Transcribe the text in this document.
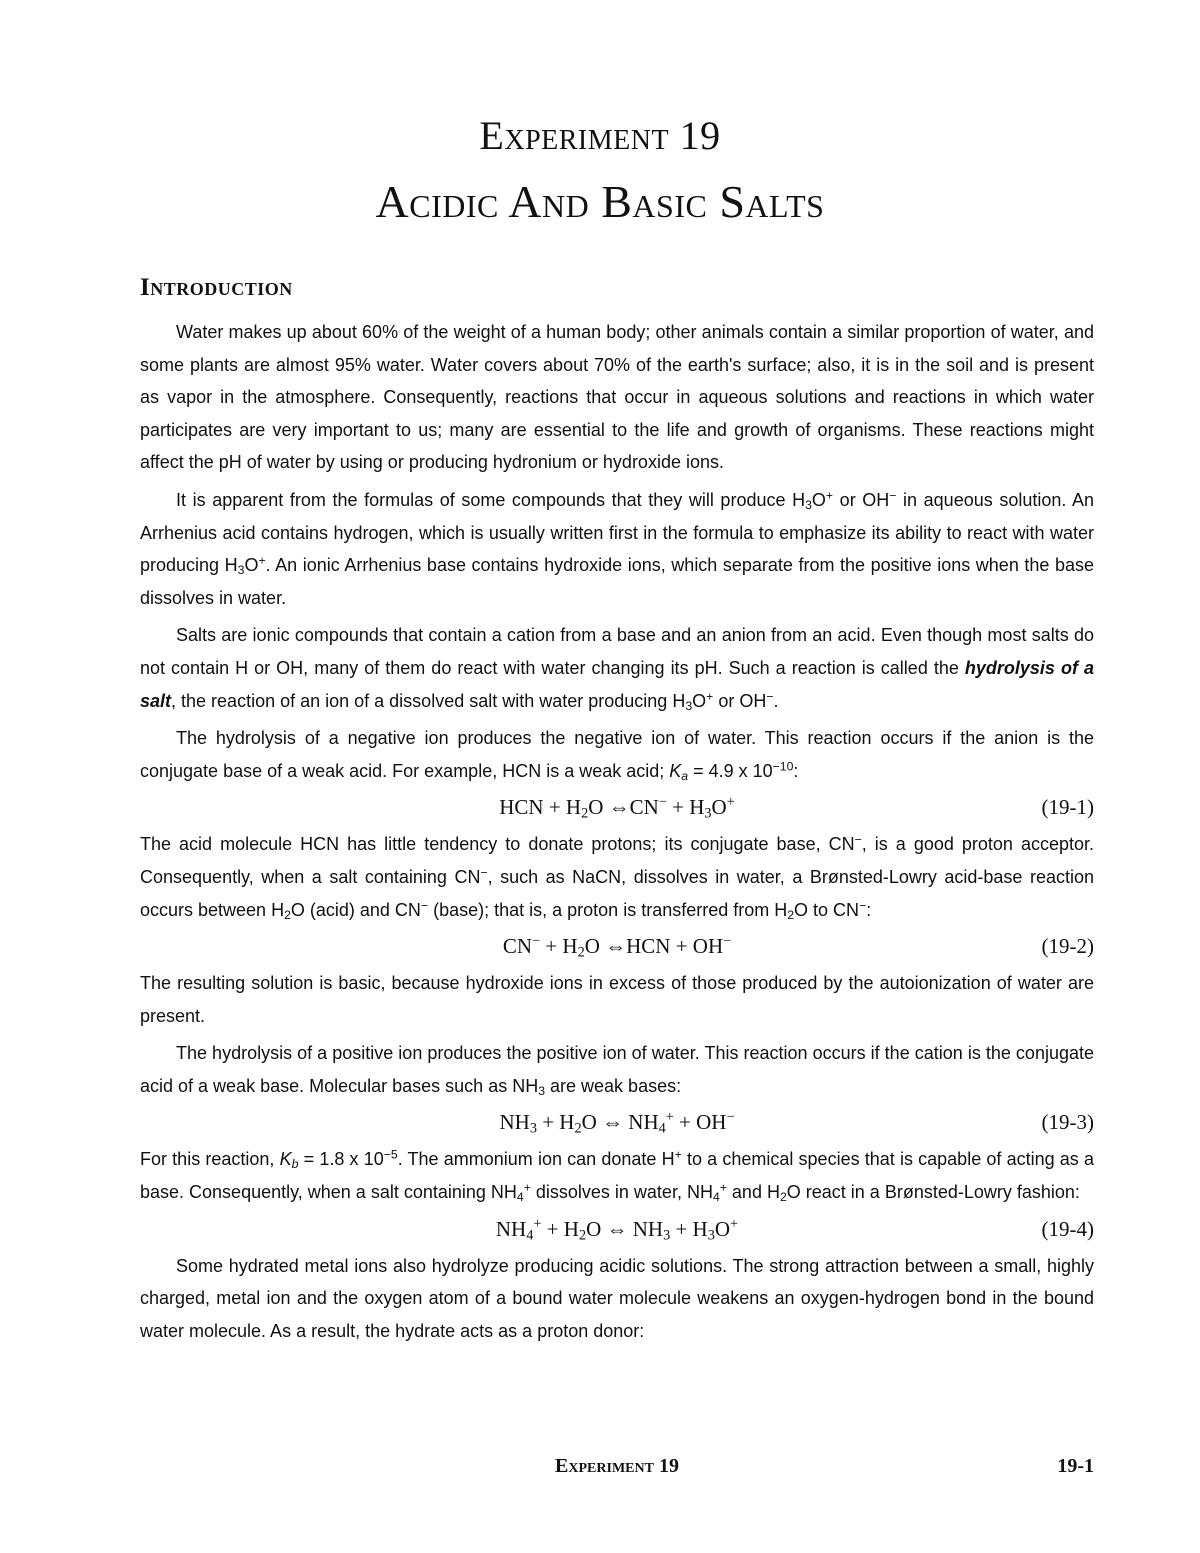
Experiment 19
Acidic And Basic Salts
Introduction

Water makes up about 60% of the weight of a human body; other animals contain a similar proportion of water, and some plants are almost 95% water. Water covers about 70% of the earth's surface; also, it is in the soil and is present as vapor in the atmosphere. Consequently, reactions that occur in aqueous solutions and reactions in which water participates are very important to us; many are essential to the life and growth of organisms. These reactions might affect the pH of water by using or producing hydronium or hydroxide ions.

It is apparent from the formulas of some compounds that they will produce $H_3O^+$ or OH− in aqueous solution. An Arrhenius acid contains hydrogen, which is usually written first in the formula to emphasize its ability to react with water producing $H_3O^+$. An ionic Arrhenius base contains hydroxide ions, which separate from the positive ions when the base dissolves in water.

Salts are ionic compounds that contain a cation from a base and an anion from an acid. Even though most salts do not contain H or OH, many of them do react with water changing its pH. Such a reaction is called the hydrolysis of a salt, the reaction of an ion of a dissolved salt with water producing $H_3O^+$ or OH−.

The hydrolysis of a negative ion produces the negative ion of water. This reaction occurs if the anion is the conjugate base of a weak acid. For example, HCN is a weak acid; $K_a = 4.9$ x $10^{-10}$:

HCN + $H_2O$ ⇔CN− + $H_3O^+$	(19-1)

The acid molecule HCN has little tendency to donate protons; its conjugate base, CN−, is a good proton acceptor. Consequently, when a salt containing CN−, such as NaCN, dissolves in water, a Brønsted-Lowry acid-base reaction occurs between $H_2O$ (acid) and CN− (base); that is, a proton is transferred from $H_2O$ to CN−:

$CN^- + H_2O$ ⇔HCN + OH−	(19-2)

The resulting solution is basic, because hydroxide ions in excess of those produced by the autoionization of water are present.

The hydrolysis of a positive ion produces the positive ion of water. This reaction occurs if the cation is the conjugate acid of a weak base. Molecular bases such as $NH_3$ are weak bases:

$NH_3 + H_2O$ ⇔ $NH_4^+ + OH^-$	(19-3)

For this reaction, $K_b = 1.8$ x $10^{-5}$. The ammonium ion can donate H+ to a chemical species that is capable of acting as a base. Consequently, when a salt containing $NH_4^+$ dissolves in water, $NH_4^+$ and $H_2O$ react in a Brønsted-Lowry fashion:

$NH_4^+ + H_2O$ ⇔ $NH_3 + H_3O^+$	(19-4)

Some hydrated metal ions also hydrolyze producing acidic solutions. The strong attraction between a small, highly charged, metal ion and the oxygen atom of a bound water molecule weakens an oxygen-hydrogen bond in the bound water molecule. As a result, the hydrate acts as a proton donor:

Experiment 19	19-1
